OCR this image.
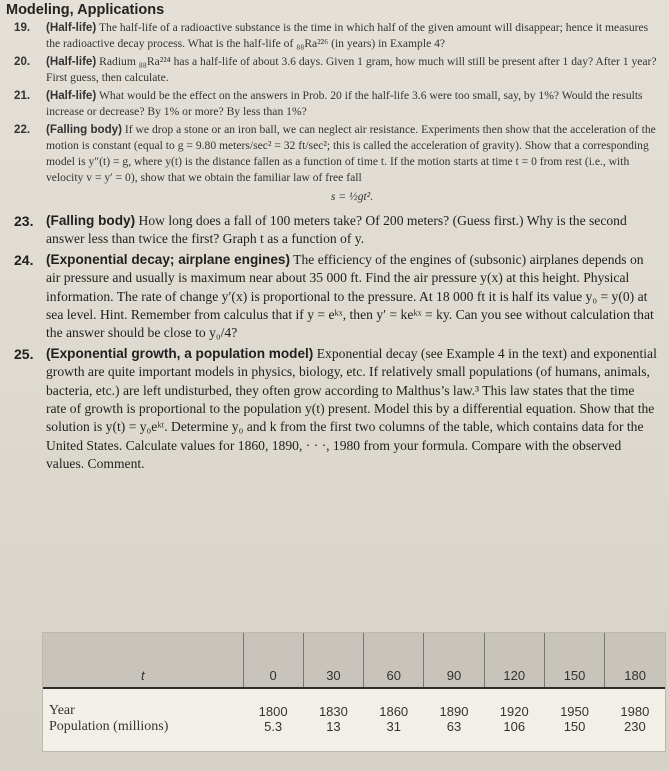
Modeling, Applications
19. (Half-life) The half-life of a radioactive substance is the time in which half of the given amount will disappear; hence it measures the radioactive decay process. What is the half-life of ₈₈Ra²²⁶ (in years) in Example 4?
20. (Half-life) Radium ₈₈Ra²²⁴ has a half-life of about 3.6 days. Given 1 gram, how much will still be present after 1 day? After 1 year? First guess, then calculate.
21. (Half-life) What would be the effect on the answers in Prob. 20 if the half-life 3.6 were too small, say, by 1%? Would the results increase or decrease? By 1% or more? By less than 1%?
22. (Falling body) If we drop a stone or an iron ball, we can neglect air resistance. Experiments then show that the acceleration of the motion is constant (equal to g = 9.80 meters/sec² = 32 ft/sec²; this is called the acceleration of gravity). Show that a corresponding model is y″(t) = g, where y(t) is the distance fallen as a function of time t. If the motion starts at time t = 0 from rest (i.e., with velocity v = y′ = 0), show that we obtain the familiar law of free fall
s = ½gt².
23. (Falling body) How long does a fall of 100 meters take? Of 200 meters? (Guess first.) Why is the second answer less than twice the first? Graph t as a function of y.
24. (Exponential decay; airplane engines) The efficiency of the engines of (subsonic) airplanes depends on air pressure and usually is maximum near about 35 000 ft. Find the air pressure y(x) at this height. Physical information. The rate of change y′(x) is proportional to the pressure. At 18 000 ft it is half its value y₀ = y(0) at sea level. Hint. Remember from calculus that if y = eᵏˣ, then y′ = keᵏˣ = ky. Can you see without calculation that the answer should be close to y₀/4?
25. (Exponential growth, a population model) Exponential decay (see Example 4 in the text) and exponential growth are quite important models in physics, biology, etc. If relatively small populations (of humans, animals, bacteria, etc.) are left undisturbed, they often grow according to Malthus’s law.³ This law states that the time rate of growth is proportional to the population y(t) present. Model this by a differential equation. Show that the solution is y(t) = y₀eᵏᵗ. Determine y₀ and k from the first two columns of the table, which contains data for the United States. Calculate values for 1860, 1890, · · ·, 1980 from your formula. Compare with the observed values. Comment.
t	0	30	60	90	120	150	180
Year	1800	1830	1860	1890	1920	1950	1980
Population (millions)	5.3	13	31	63	106	150	230
